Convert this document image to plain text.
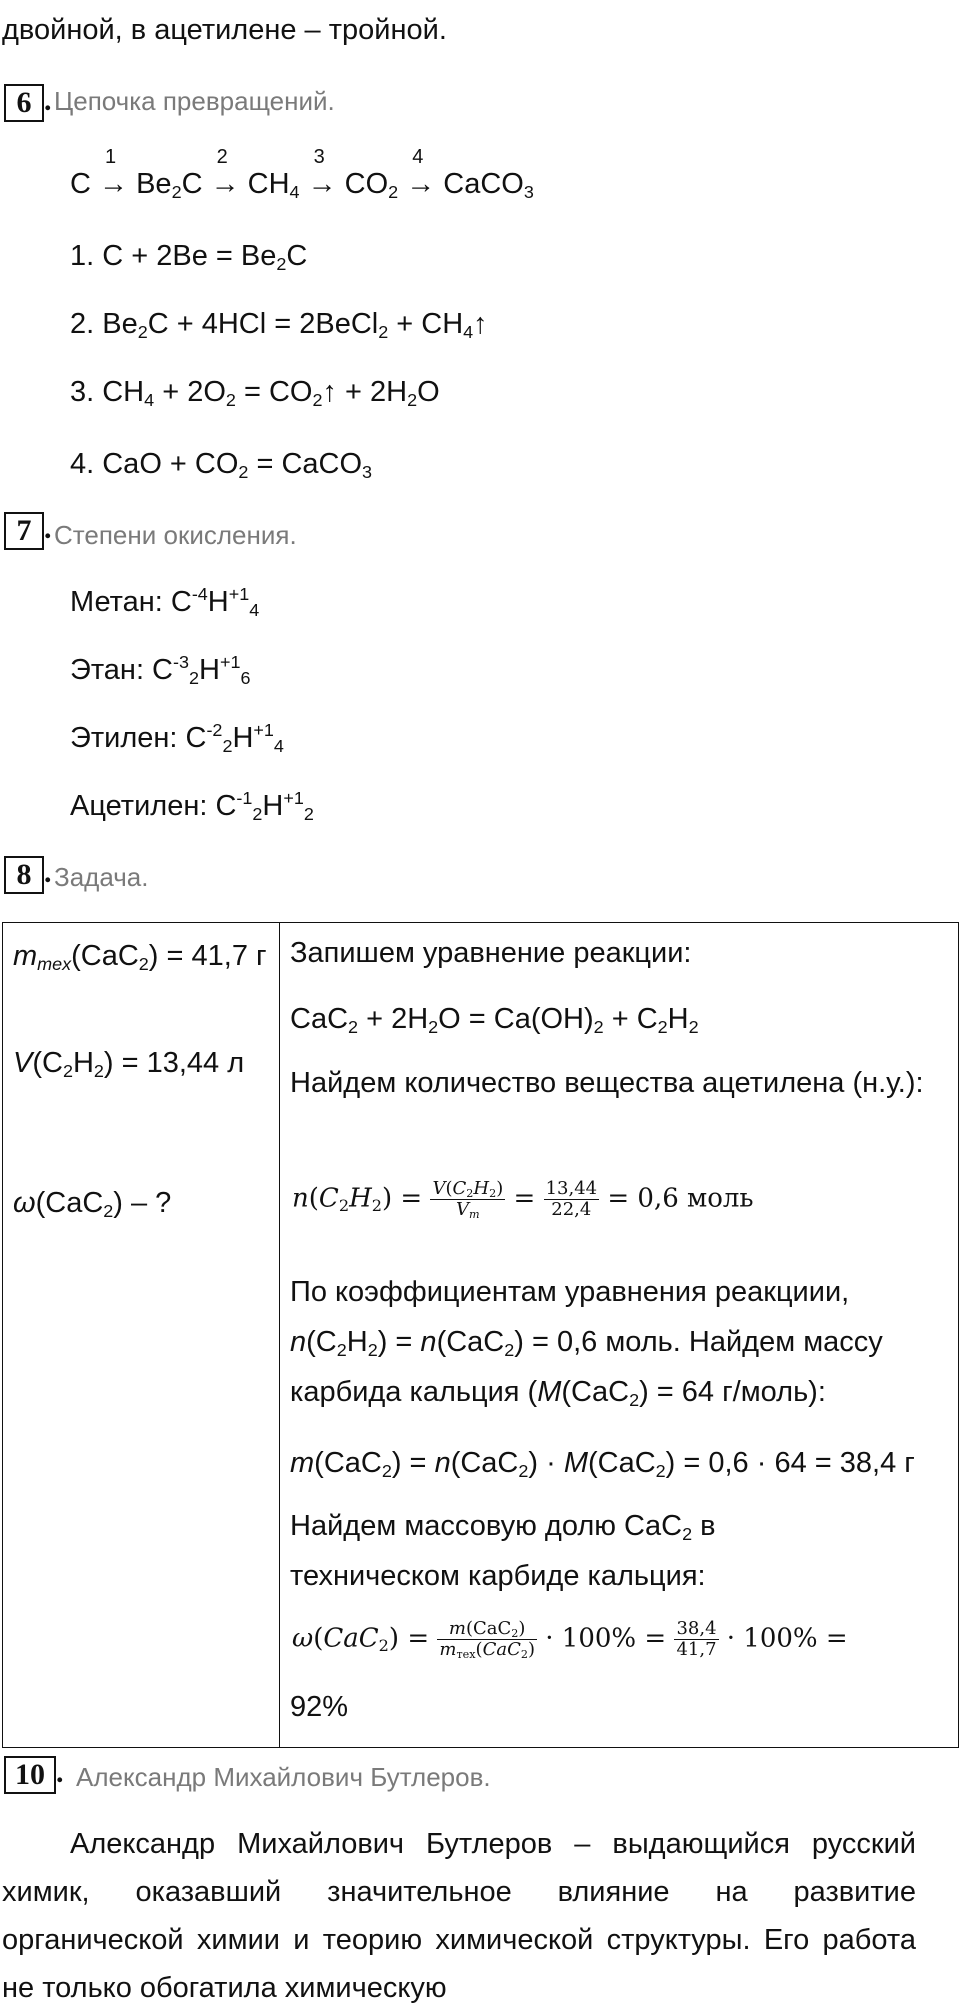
двойной, в ацетилене – тройной.
6 . Цепочка превращений.
C →
1
$Be_2C$ →
2
$CH_4$ →
3
$CO_2$ →
4
CaCO$_3$
1. $C + 2Be = Be_2C$
2. $Be_2C + 4HCl$ = 2BeCl$_2$ + $CH_4↑$
3. $CH_4 + 2O_2$ = $CO_2↑ + 2H_2O$
4. CaO + $CO_2$ = CaCO$_3$
7 . Степени окисления.
Метан: $C^{-4}H^{+1}_4$
Этан: $C^{-3}_2H^{+1}_6$
Этилен: $C^{-2}_2H^{+1}_4$
Ацетилен: $C^{-1}_2H^{+1}_2$
8 . Задача.
$m_{mex}(CaC_2) = 41,7$ г
$V(C_2H_2) = 13,44$ л
ω(CaC$_2$) – ?

Запишем уравнение реакции:
$CaC_2 + 2H_2O = Ca(OH)_2 + C_2H_2$
Найдем количество вещества ацетилена (н.у.):
$n(C_2H_2) = \frac{V(C_2H_2)}{V_m} = \frac{13,44}{22,4} = 0,6$ моль
По коэффициентам уравнения реакциии, $n(C_2H_2) = n(CaC_2) = 0,6$ моль. Найдем массу карбида кальция (M(CaC$_2$) = 64 г/моль):
m(CaC$_2$) = n(CaC$_2$) · M(CaC$_2$) = 0,6 · 64 = 38,4 г
Найдем массовую долю CaC$_2$ в техническом карбиде кальция:
$\omega(CaC_2) = \frac{m(CaC_2)}{m_{тех}(CaC_2)} \cdot 100\% = \frac{38,4}{41,7} \cdot 100\%$ =
92%
10 . Александр Михайлович Бутлеров.

Александр Михайлович Бутлеров – выдающийся русский химик, оказавший значительное влияние на развитие органической химии и теорию химической структуры. Его работа не только обогатила химическую
